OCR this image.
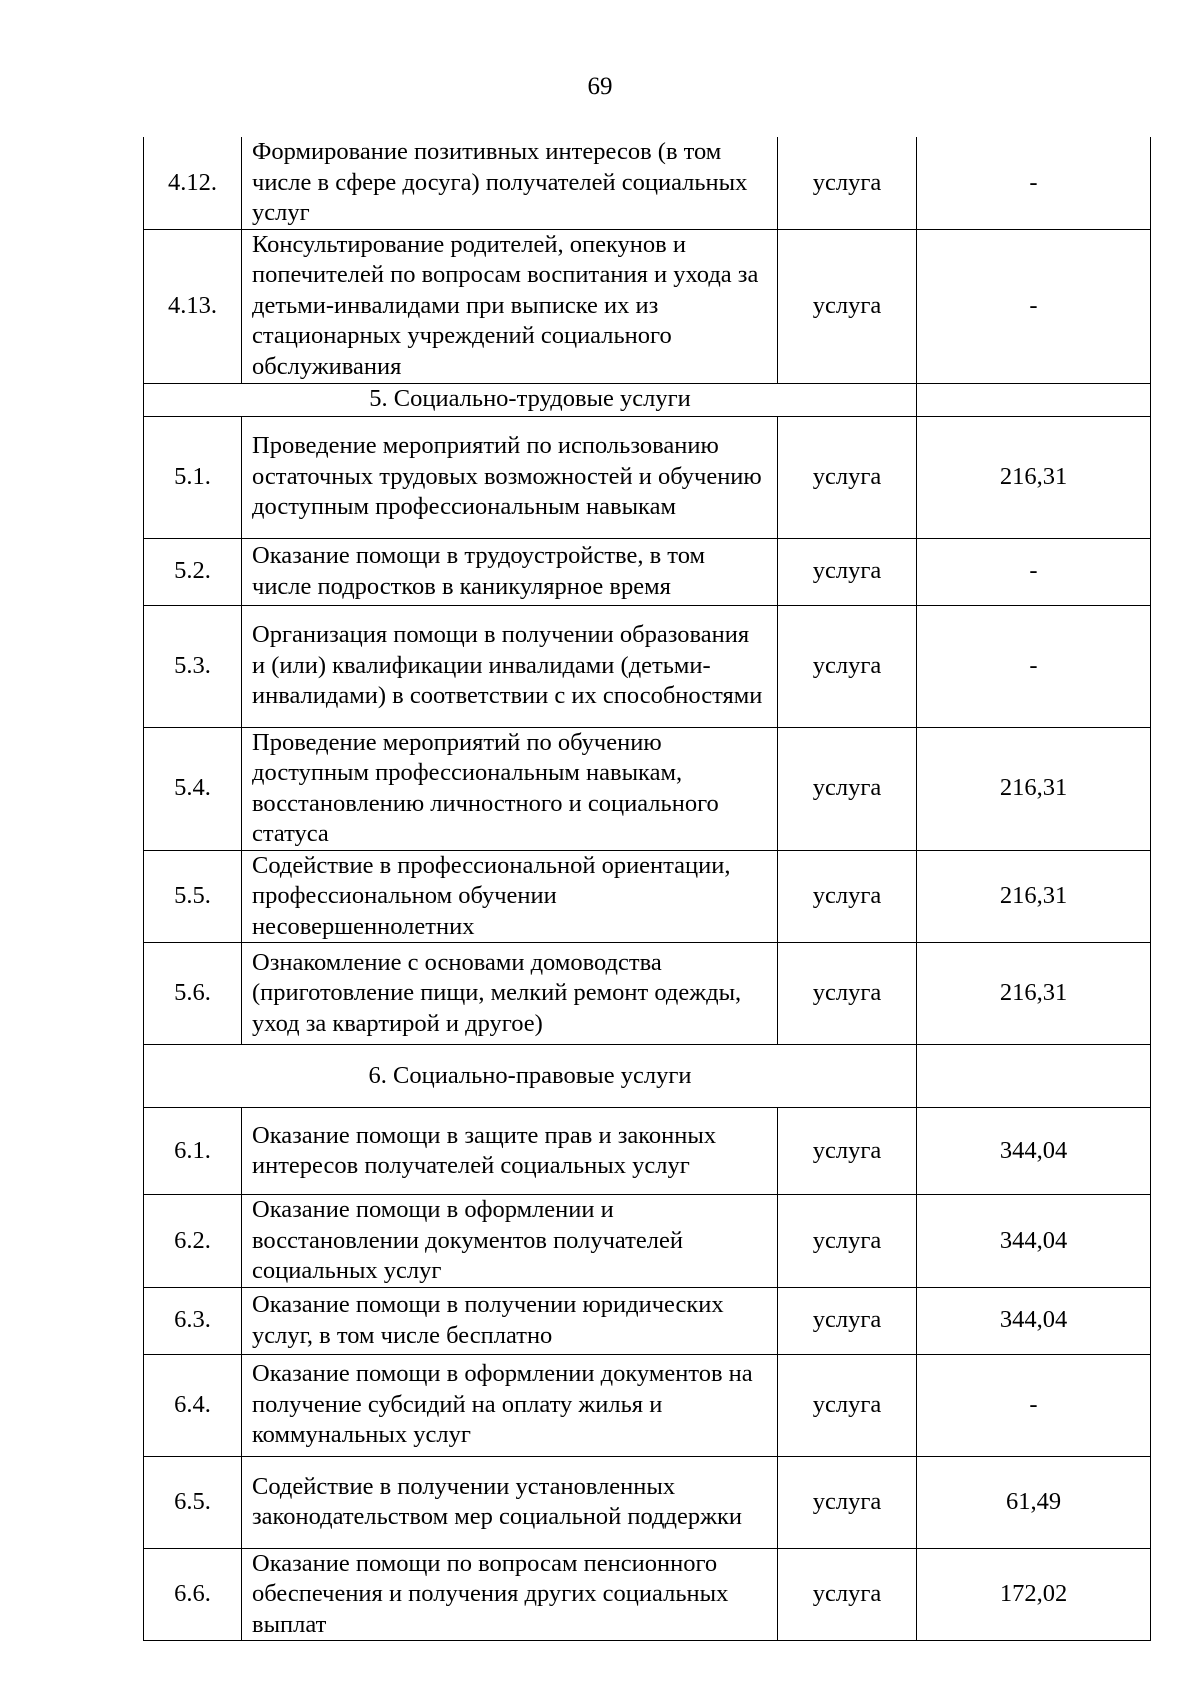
69
4.12.	Формирование позитивных интересов (в том числе в сфере досуга) получателей социальных услуг	услуга	-
4.13.	Консультирование родителей, опекунов и попечителей по вопросам воспитания и ухода за детьми-инвалидами при выписке их из стационарных учреждений социального обслуживания	услуга	-
5. Социально-трудовые услуги			
5.1.	Проведение мероприятий по использованию остаточных трудовых возможностей и обучению доступным профессиональным навыкам	услуга	216,31
5.2.	Оказание помощи в трудоустройстве, в том числе подростков в каникулярное время	услуга	-
5.3.	Организация помощи в получении образования и (или) квалификации инвалидами (детьми-инвалидами) в соответствии с их способностями	услуга	-
5.4.	Проведение мероприятий по обучению доступным профессиональным навыкам, восстановлению личностного и социального статуса	услуга	216,31
5.5.	Содействие в профессиональной ориентации, профессиональном обучении несовершеннолетних	услуга	216,31
5.6.	Ознакомление с основами домоводства (приготовление пищи, мелкий ремонт одежды, уход за квартирой и другое)	услуга	216,31
6. Социально-правовые услуги			
6.1.	Оказание помощи в защите прав и законных интересов получателей социальных услуг	услуга	344,04
6.2.	Оказание помощи в оформлении и восстановлении документов получателей социальных услуг	услуга	344,04
6.3.	Оказание помощи в получении юридических услуг, в том числе бесплатно	услуга	344,04
6.4.	Оказание помощи в оформлении документов на получение субсидий на оплату жилья и коммунальных услуг	услуга	-
6.5.	Содействие в получении установленных законодательством мер социальной поддержки	услуга	61,49
6.6.	Оказание помощи по вопросам пенсионного обеспечения и получения других социальных выплат	услуга	172,02
